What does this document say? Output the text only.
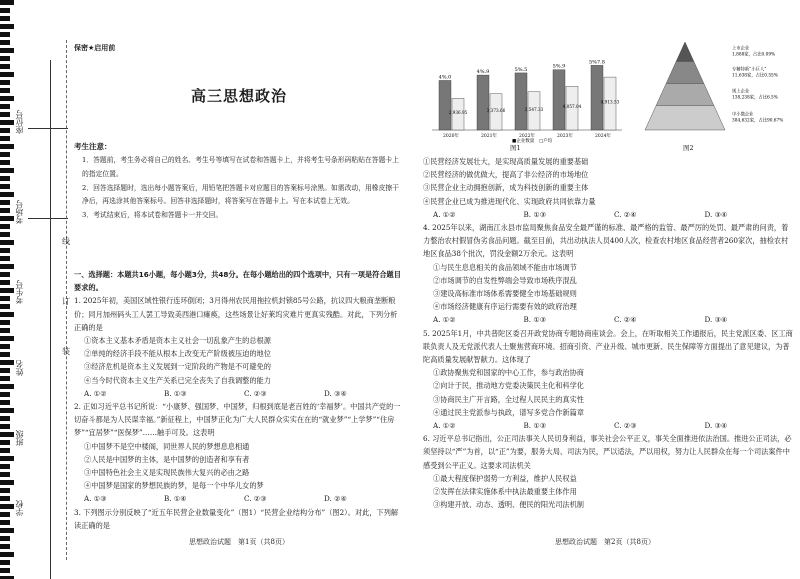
座位号
考场号
考生号
姓名
班级
学校
线
订
装
保密★启用前
高三思想政治
考生注意：

1．答题前，考生务必将自己的姓名、考生号等填写在试卷和答题卡上，并将考生号条形码粘贴在答题卡上的指定位置。

2．回答选择题时，选出每小题答案后，用铅笔把答题卡对应题目的答案标号涂黑。如需改动，用橡皮擦干净后，再选涂其他答案标号。回答非选择题时，将答案写在答题卡上。写在本试卷上无效。

3．考试结束后，将本试卷和答题卡一并交回。

一、选择题：本题共16小题，每小题3分，共48分。在每小题给出的四个选项中，只有一项是符合题目要求的。

1. 2025年初，美国区域性银行连环倒闭；3月得州农民用拖拉机封锁85号公路，抗议四大粮商垄断粮价；同月加州码头工人罢工导致美西港口瘫痪，这些场景让好莱坞灾难片更真实残酷。对此，下列分析正确的是

①资本主义基本矛盾是资本主义社会一切乱象产生的总根源

②单纯的经济手段不能从根本上改变无产阶级被压迫的地位

③经济危机是资本主义发展到一定阶段的产物是不可避免的

④当今时代资本主义生产关系已完全丧失了自我调整的能力

A. ①②	B. ①③	C. ②③	D. ③④

2. 正如习近平总书记所说：“小康梦、强国梦、中国梦，归根到底是老百姓的‘幸福梦’。中国共产党的一切奋斗都是为人民谋幸福。”新征程上，中国梦正化为广大人民群众实实在在的“就业梦”“上学梦”“住房梦”“宜居梦”“医保梦”……触手可及。这表明

①中国梦不是空中楼阁，同世界人民的梦想息息相通

②人民是中国梦的主体，是中国梦的创造者和享有者

③中国特色社会主义是实现民族伟大复兴的必由之路

④中国梦是国家的梦想民族的梦，是每一个中华儿女的梦

A. ①③	B. ①④	C. ②③	D. ②④

3. 下列图示分别反映了“近五年民营企业数量变化”（图1）“民营企业结构分布”（图2）。对此，下列解读正确的是

思想政治试题　第1页（共8页）
4%.0
2,936.95
2020年
4%.9
3,373.66
2021年
5%.5
3,547.33
2022年
5%.9
4,057.04
2023年
5%7.8
4,913.53
2024年
■企业数量 □户均
图1
上市企业
1,888家，占比0.09%
专精特新“小巨人”
11,638家，占比0.55%
规上企业
138,238家，占比6.5%
中小微企业
384,632家，占比90.67%
图2

①民营经济发展壮大，是实现高质量发展的重要基础

②民营经济的做优做大，提高了非公经济的市场地位

③民营企业主动拥抱创新，成为科技创新的重要主体

④民营企业已成为推进现代化、实现政府共同依靠力量

A. ①②	B. ①③	C. ②④	D. ③④

4. 2025年以来，湖南江永县市监局聚焦食品安全最严谨的标准、最严格的监管、最严厉的处罚、最严肃的问责，着力整治农村假冒伪劣食品问题。截至目前，共出动执法人员400人次，检查农村地区食品经营者260家次，抽检农村地区食品38个批次，罚没金额2万余元。这表明

①与民生息息相关的食品领域不能由市场调节

②市场调节的自发性弊端会导致市场秩序混乱

③建设高标准市场体系需要健全市场基础规则

④市场经济健康有序运行需要有效的政府治理

A. ①②	B. ①③	C. ②④	D. ③④

5. 2025年1月，中共普陀区委召开政党协商专题协商座谈会。会上，在听取相关工作通报后，民主党派区委、区工商联负责人及无党派代表人士聚焦营商环境、招商引资、产业升级、城市更新、民生保障等方面提出了意见建议，为普陀高质量发展献智献力。这体现了

①政协聚焦党和国家的中心工作，参与政治协商

②向计于民，推动地方党委决策民主化和科学化

③协商民主广开言路，全过程人民民主的真实性

④通过民主党派参与执政，谱写多党合作新篇章

A. ①②	B. ①③	C. ②③	D. ③④

6. 习近平总书记指出，公正司法事关人民切身利益，事关社会公平正义，事关全面推进依法治国。推进公正司法，必须坚持以“严”为首，以“正”为要，服务大局、司法为民，严以适法，严以用权，努力让人民群众在每一个司法案件中感受到公平正义。这要求司法机关

①最大程度保护弱势一方利益，维护人民权益

②发挥在法律实施体系中执法最重要主体作用

③构建开放、动态、透明、便民的阳光司法机制

思想政治试题　第2页（共8页）
